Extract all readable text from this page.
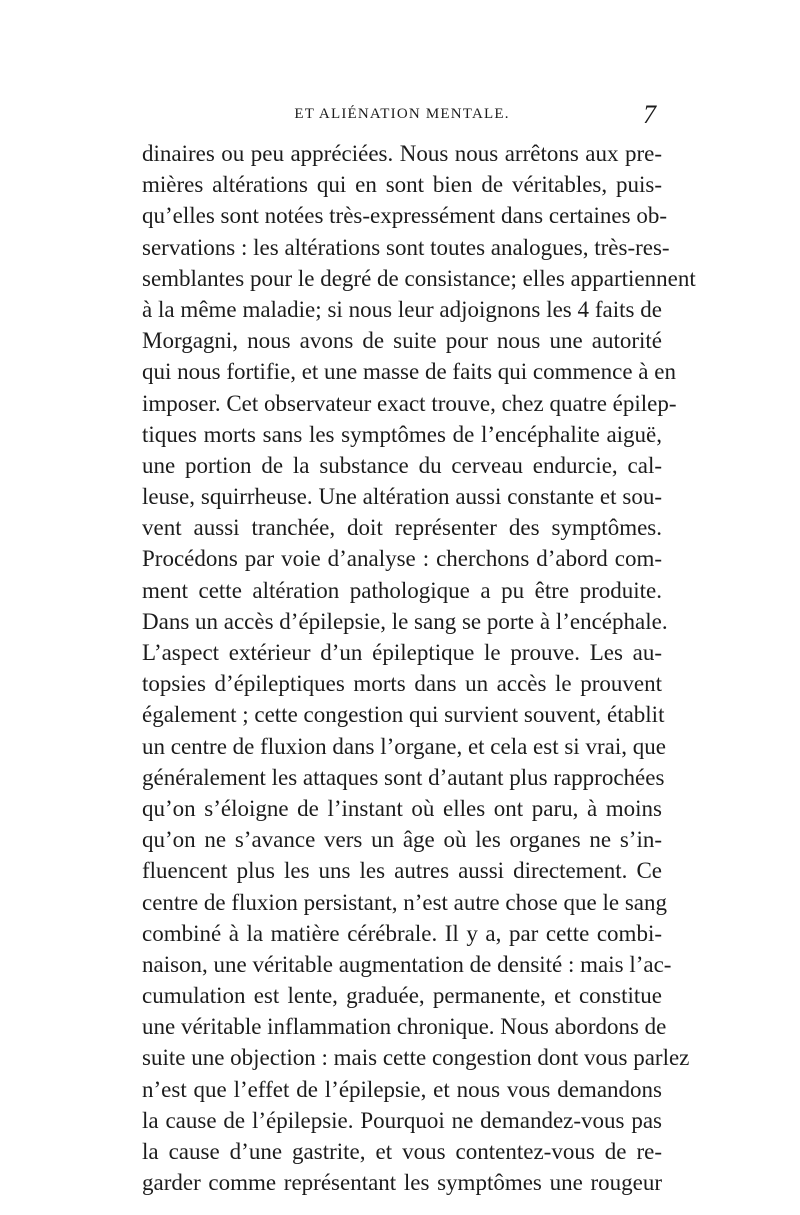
ET ALIÉNATION MENTALE.	7
dinaires ou peu appréciées. Nous nous arrêtons aux pre-
mières altérations qui en sont bien de véritables, puis-
qu’elles sont notées très-expressément dans certaines ob-
servations : les altérations sont toutes analogues, très-res-
semblantes pour le degré de consistance; elles appartiennent
à la même maladie; si nous leur adjoignons les 4 faits de
Morgagni, nous avons de suite pour nous une autorité
qui nous fortifie, et une masse de faits qui commence à en
imposer. Cet observateur exact trouve, chez quatre épilep-
tiques morts sans les symptômes de l’encéphalite aiguë,
une portion de la substance du cerveau endurcie, cal-
leuse, squirrheuse. Une altération aussi constante et sou-
vent aussi tranchée, doit représenter des symptômes.
Procédons par voie d’analyse : cherchons d’abord com-
ment cette altération pathologique a pu être produite.
Dans un accès d’épilepsie, le sang se porte à l’encéphale.
L’aspect extérieur d’un épileptique le prouve. Les au-
topsies d’épileptiques morts dans un accès le prouvent
également ; cette congestion qui survient souvent, établit
un centre de fluxion dans l’organe, et cela est si vrai, que
généralement les attaques sont d’autant plus rapprochées
qu’on s’éloigne de l’instant où elles ont paru, à moins
qu’on ne s’avance vers un âge où les organes ne s’in-
fluencent plus les uns les autres aussi directement. Ce
centre de fluxion persistant, n’est autre chose que le sang
combiné à la matière cérébrale. Il y a, par cette combi-
naison, une véritable augmentation de densité : mais l’ac-
cumulation est lente, graduée, permanente, et constitue
une véritable inflammation chronique. Nous abordons de
suite une objection : mais cette congestion dont vous parlez
n’est que l’effet de l’épilepsie, et nous vous demandons
la cause de l’épilepsie. Pourquoi ne demandez-vous pas
la cause d’une gastrite, et vous contentez-vous de re-
garder comme représentant les symptômes une rougeur
